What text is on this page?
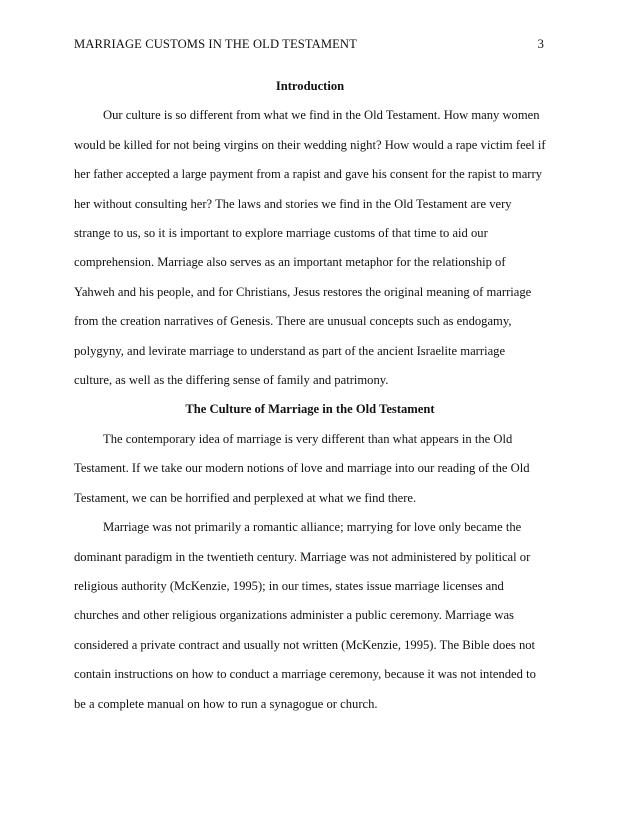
MARRIAGE CUSTOMS IN THE OLD TESTAMENT	3

Introduction

Our culture is so different from what we find in the Old Testament. How many women would be killed for not being virgins on their wedding night? How would a rape victim feel if her father accepted a large payment from a rapist and gave his consent for the rapist to marry her without consulting her? The laws and stories we find in the Old Testament are very strange to us, so it is important to explore marriage customs of that time to aid our comprehension. Marriage also serves as an important metaphor for the relationship of Yahweh and his people, and for Christians, Jesus restores the original meaning of marriage from the creation narratives of Genesis. There are unusual concepts such as endogamy, polygyny, and levirate marriage to understand as part of the ancient Israelite marriage culture, as well as the differing sense of family and patrimony.

The Culture of Marriage in the Old Testament

The contemporary idea of marriage is very different than what appears in the Old Testament. If we take our modern notions of love and marriage into our reading of the Old Testament, we can be horrified and perplexed at what we find there.

Marriage was not primarily a romantic alliance; marrying for love only became the dominant paradigm in the twentieth century. Marriage was not administered by political or religious authority (McKenzie, 1995); in our times, states issue marriage licenses and churches and other religious organizations administer a public ceremony. Marriage was considered a private contract and usually not written (McKenzie, 1995). The Bible does not contain instructions on how to conduct a marriage ceremony, because it was not intended to be a complete manual on how to run a synagogue or church.
